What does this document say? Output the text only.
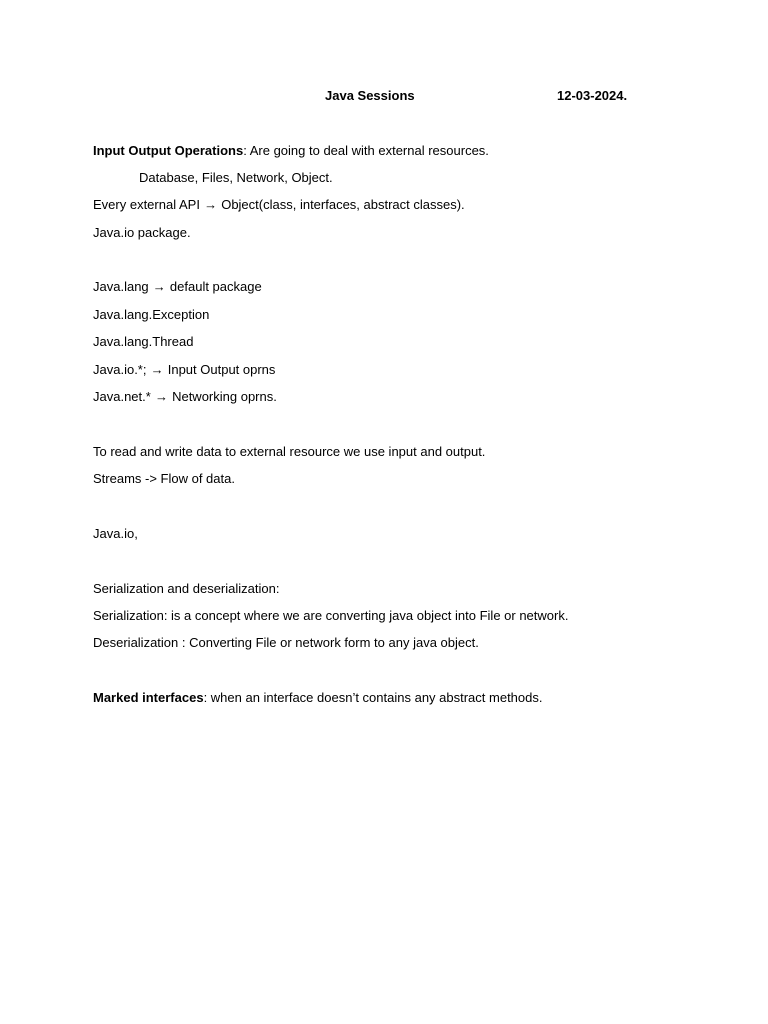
Java Sessions	12-03-2024.
Input Output Operations: Are going to deal with external resources.
Database, Files, Network, Object.
Every external API → Object(class, interfaces, abstract classes).
Java.io package.
Java.lang → default package
Java.lang.Exception
Java.lang.Thread
Java.io.*; → Input Output oprns
Java.net.* → Networking oprns.
To read and write data to external resource we use input and output.
Streams -> Flow of data.
Java.io,
Serialization and deserialization:
Serialization: is a concept where we are converting java object into File or network.
Deserialization : Converting File or network form to any java object.
Marked interfaces: when an interface doesn’t contains any abstract methods.
